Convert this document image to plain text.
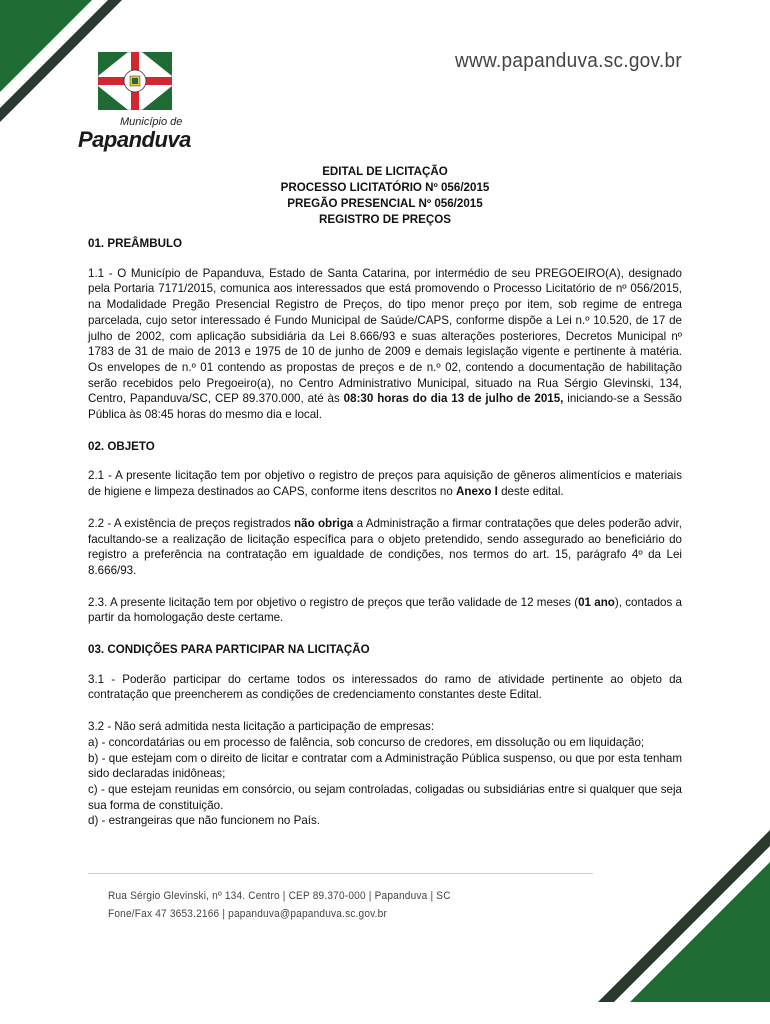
Município de
Papanduva
www.papanduva.sc.gov.br
EDITAL DE LICITAÇÃO
PROCESSO LICITATÓRIO Nº 056/2015
PREGÃO PRESENCIAL Nº 056/2015
REGISTRO DE PREÇOS

01. PREÂMBULO

1.1 - O Município de Papanduva, Estado de Santa Catarina, por intermédio de seu PREGOEIRO(A), designado pela Portaria 7171/2015, comunica aos interessados que está promovendo o Processo Licitatório de nº 056/2015, na Modalidade Pregão Presencial Registro de Preços, do tipo menor preço por item, sob regime de entrega parcelada, cujo setor interessado é Fundo Municipal de Saúde/CAPS, conforme dispõe a Lei n.º 10.520, de 17 de julho de 2002, com aplicação subsidiária da Lei 8.666/93 e suas alterações posteriores, Decretos Municipal nº 1783 de 31 de maio de 2013 e 1975 de 10 de junho de 2009 e demais legislação vigente e pertinente à matéria. Os envelopes de n.º 01 contendo as propostas de preços e de n.º 02, contendo a documentação de habilitação serão recebidos pelo Pregoeiro(a), no Centro Administrativo Municipal, situado na Rua Sérgio Glevinski, 134, Centro, Papanduva/SC, CEP 89.370.000, até às 08:30 horas do dia 13 de julho de 2015, iniciando-se a Sessão Pública às 08:45 horas do mesmo dia e local.

02. OBJETO

2.1 - A presente licitação tem por objetivo o registro de preços para aquisição de gêneros alimentícios e materiais de higiene e limpeza destinados ao CAPS, conforme itens descritos no Anexo I deste edital.

2.2 - A existência de preços registrados não obriga a Administração a firmar contratações que deles poderão advir, facultando-se a realização de licitação específica para o objeto pretendido, sendo assegurado ao beneficiário do registro a preferência na contratação em igualdade de condições, nos termos do art. 15, parágrafo 4º da Lei 8.666/93.

2.3. A presente licitação tem por objetivo o registro de preços que terão validade de 12 meses (01 ano), contados a partir da homologação deste certame.

03. CONDIÇÕES PARA PARTICIPAR NA LICITAÇÃO

3.1 - Poderão participar do certame todos os interessados do ramo de atividade pertinente ao objeto da contratação que preencherem as condições de credenciamento constantes deste Edital.

3.2 - Não será admitida nesta licitação a participação de empresas:
a) - concordatárias ou em processo de falência, sob concurso de credores, em dissolução ou em liquidação;
b) - que estejam com o direito de licitar e contratar com a Administração Pública suspenso, ou que por esta tenham sido declaradas inidôneas;
c) - que estejam reunidas em consórcio, ou sejam controladas, coligadas ou subsidiárias entre si qualquer que seja sua forma de constituição.
d) - estrangeiras que não funcionem no País.
Rua Sérgio Glevinski, nº 134. Centro | CEP 89.370-000 | Papanduva | SC
Fone/Fax 47 3653.2166 | papanduva@papanduva.sc.gov.br
